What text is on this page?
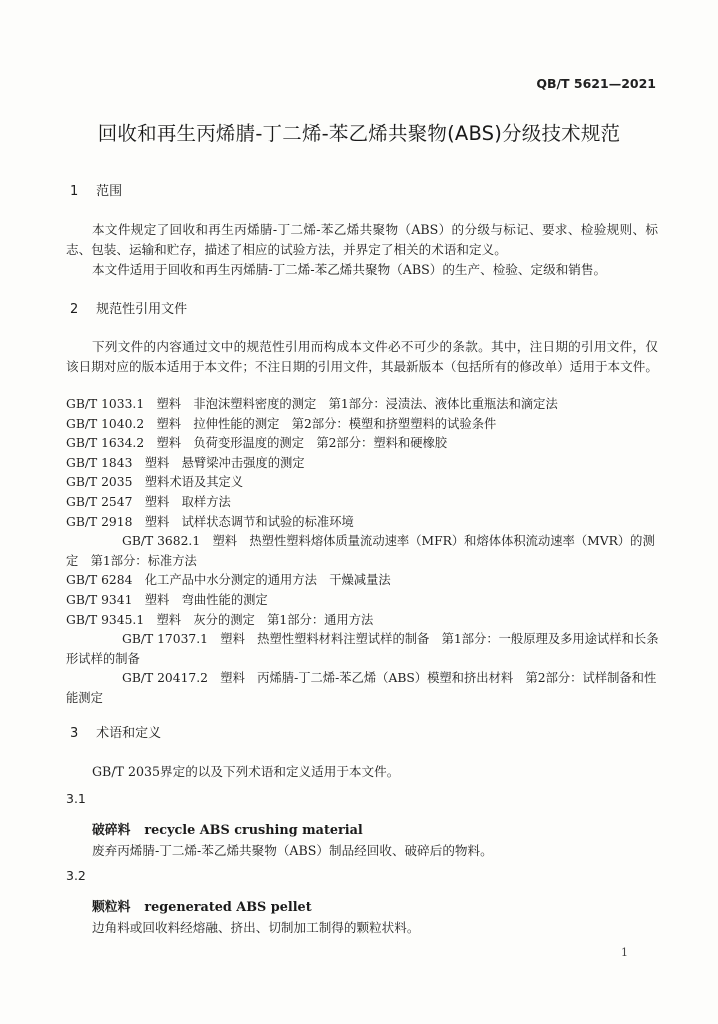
QB/T 5621—2021
回收和再生丙烯腈-丁二烯-苯乙烯共聚物(ABS)分级技术规范
1 范围
本文件规定了回收和再生丙烯腈-丁二烯-苯乙烯共聚物（ABS）的分级与标记、要求、检验规则、标志、包装、运输和贮存，描述了相应的试验方法，并界定了相关的术语和定义。
本文件适用于回收和再生丙烯腈-丁二烯-苯乙烯共聚物（ABS）的生产、检验、定级和销售。
2 规范性引用文件
下列文件的内容通过文中的规范性引用而构成本文件必不可少的条款。其中，注日期的引用文件，仅该日期对应的版本适用于本文件；不注日期的引用文件，其最新版本（包括所有的修改单）适用于本文件。
GB/T 1033.1　 塑料　非泡沫塑料密度的测定　第1部分：浸渍法、液体比重瓶法和滴定法
GB/T 1040.2　 塑料　拉伸性能的测定　第2部分：模塑和挤塑塑料的试验条件
GB/T 1634.2　 塑料　负荷变形温度的测定　第2部分：塑料和硬橡胶
GB/T 1843　 塑料　悬臂梁冲击强度的测定
GB/T 2035　 塑料术语及其定义
GB/T 2547　 塑料　取样方法
GB/T 2918　 塑料　试样状态调节和试验的标准环境
GB/T 3682.1　 塑料　热塑性塑料熔体质量流动速率（MFR）和熔体体积流动速率（MVR）的测定　第1部分：标准方法
GB/T 6284　 化工产品中水分测定的通用方法　干燥减量法
GB/T 9341　 塑料　弯曲性能的测定
GB/T 9345.1　 塑料　灰分的测定　第1部分：通用方法
GB/T 17037.1　 塑料　热塑性塑料材料注塑试样的制备　第1部分：一般原理及多用途试样和长条形试样的制备
GB/T 20417.2　 塑料　丙烯腈-丁二烯-苯乙烯（ABS）模塑和挤出材料　第2部分：试样制备和性能测定
3 术语和定义
GB/T 2035界定的以及下列术语和定义适用于本文件。
3.1
破碎料 recycle ABS crushing material
废弃丙烯腈-丁二烯-苯乙烯共聚物（ABS）制品经回收、破碎后的物料。
3.2
颗粒料 regenerated ABS pellet
边角料或回收料经熔融、挤出、切制加工制得的颗粒状料。
1
